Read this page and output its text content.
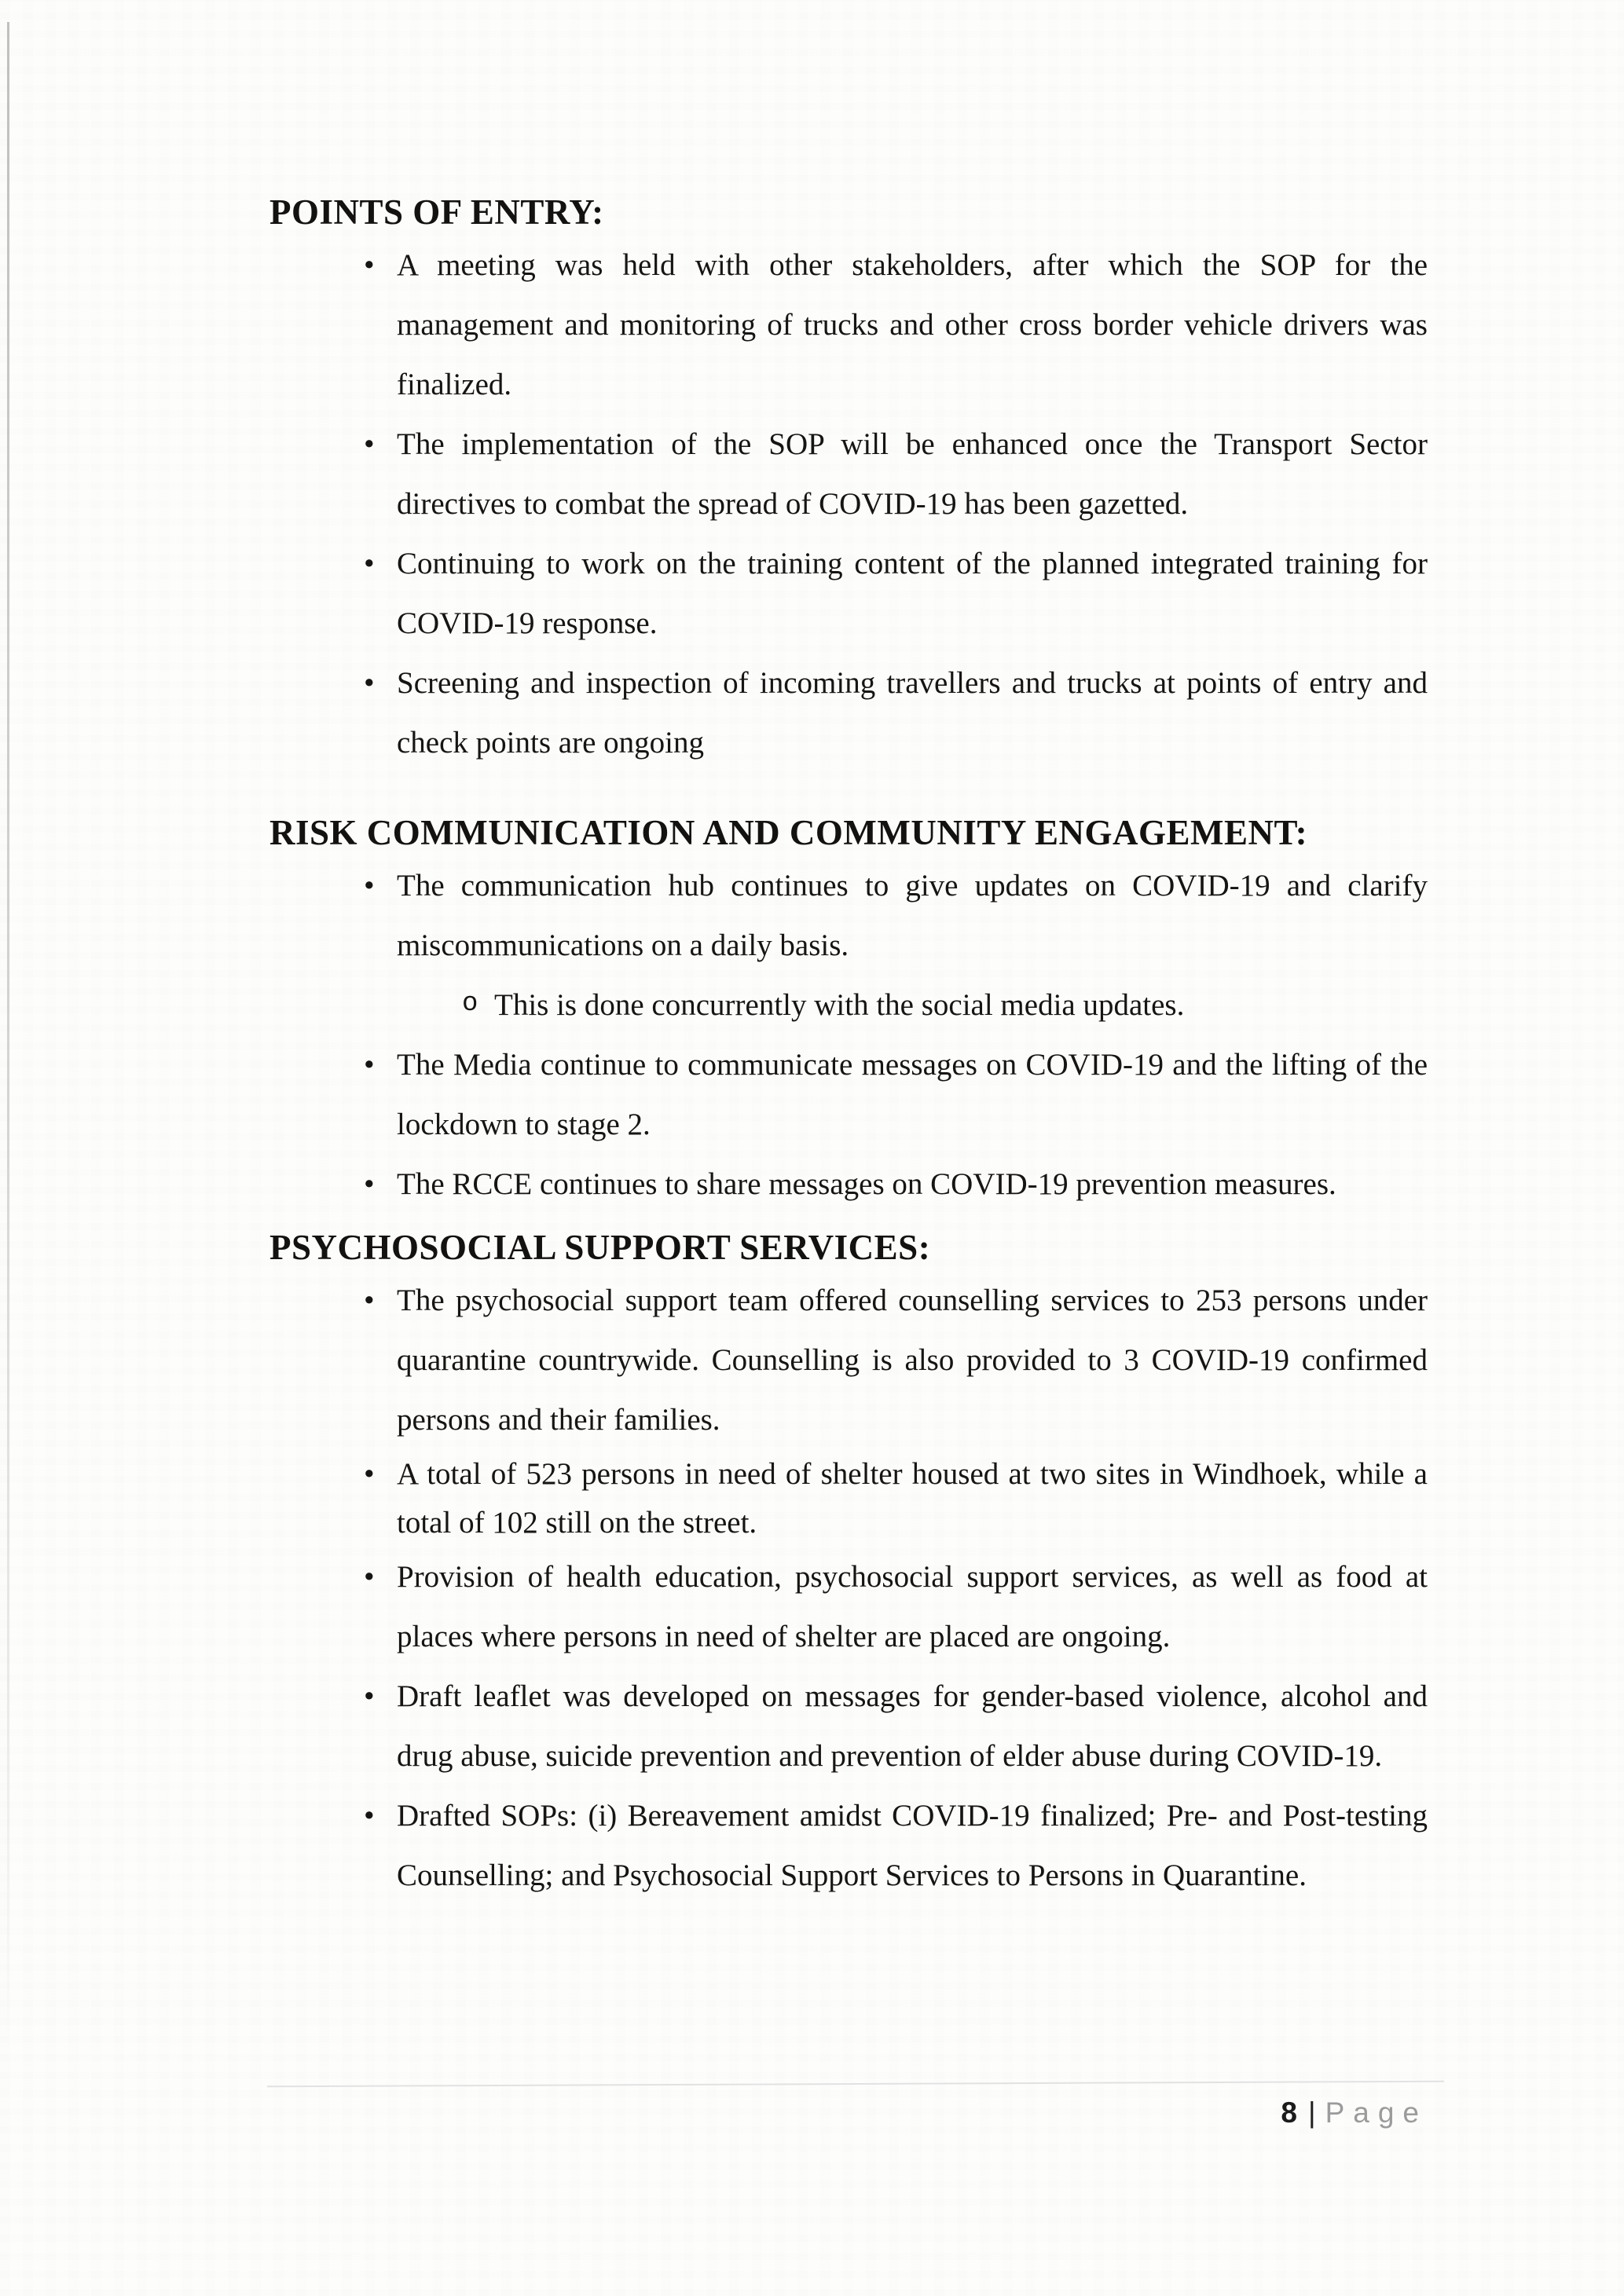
POINTS OF ENTRY:
• A meeting was held with other stakeholders, after which the SOP for the management and monitoring of trucks and other cross border vehicle drivers was finalized.
• The implementation of the SOP will be enhanced once the Transport Sector directives to combat the spread of COVID-19 has been gazetted.
• Continuing to work on the training content of the planned integrated training for COVID-19 response.
• Screening and inspection of incoming travellers and trucks at points of entry and check points are ongoing
RISK COMMUNICATION AND COMMUNITY ENGAGEMENT:
• The communication hub continues to give updates on COVID-19 and clarify miscommunications on a daily basis.
o This is done concurrently with the social media updates.
• The Media continue to communicate messages on COVID-19 and the lifting of the lockdown to stage 2.
• The RCCE continues to share messages on COVID-19 prevention measures.
PSYCHOSOCIAL SUPPORT SERVICES:
• The psychosocial support team offered counselling services to 253 persons under quarantine countrywide. Counselling is also provided to 3 COVID-19 confirmed persons and their families.
• A total of 523 persons in need of shelter housed at two sites in Windhoek, while a total of 102 still on the street.
• Provision of health education, psychosocial support services, as well as food at places where persons in need of shelter are placed are ongoing.
• Draft leaflet was developed on messages for gender-based violence, alcohol and drug abuse, suicide prevention and prevention of elder abuse during COVID-19.
• Drafted SOPs: (i) Bereavement amidst COVID-19 finalized; Pre- and Post-testing Counselling; and Psychosocial Support Services to Persons in Quarantine.
8 | Page
